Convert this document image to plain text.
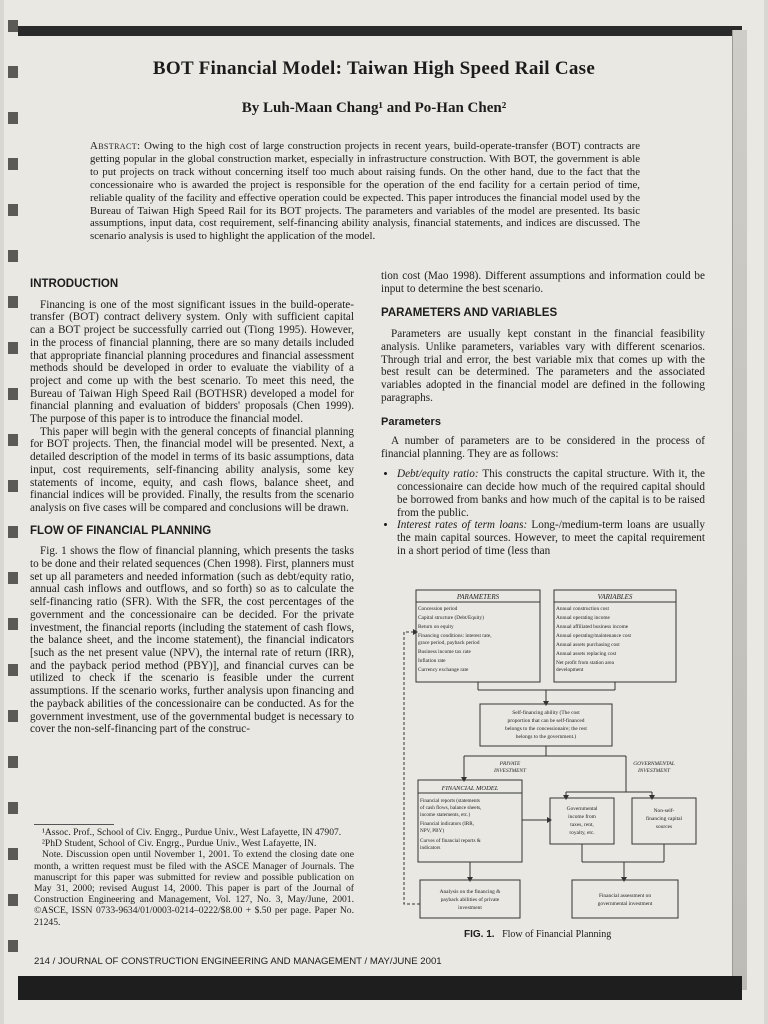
BOT Financial Model: Taiwan High Speed Rail Case
By Luh-Maan Chang¹ and Po-Han Chen²
Abstract: Owing to the high cost of large construction projects in recent years, build-operate-transfer (BOT) contracts are getting popular in the global construction market, especially in infrastructure construction. With BOT, the government is able to put projects on track without concerning itself too much about raising funds. On the other hand, due to the fact that the concessionaire who is awarded the project is responsible for the operation of the end facility for a certain period of time, reliable quality of the facility and effective operation could be expected. This paper introduces the financial model used by the Bureau of Taiwan High Speed Rail for its BOT projects. The parameters and variables of the model are presented. Its basic assumptions, input data, cost requirement, self-financing ability analysis, financial statements, and indices are discussed. The scenario analysis is used to highlight the application of the model.
INTRODUCTION

Financing is one of the most significant issues in the build-operate-transfer (BOT) contract delivery system. Only with sufficient capital can a BOT project be successfully carried out (Tiong 1995). However, in the process of financial planning, there are so many details included that appropriate financial planning procedures and financial assessment methods should be developed in order to evaluate the viability of a project and come up with the best scenario. To meet this need, the Bureau of Taiwan High Speed Rail (BOTHSR) developed a model for financial planning and evaluation of bidders' proposals (Chen 1999). The purpose of this paper is to introduce the financial model.

This paper will begin with the general concepts of financial planning for BOT projects. Then, the financial model will be presented. Next, a detailed description of the model in terms of its basic assumptions, data input, cost requirements, self-financing ability analysis, some key statements of income, equity, and cash flows, balance sheet, and financial indices will be provided. Finally, the results from the scenario analysis on five cases will be compared and conclusions will be drawn.

FLOW OF FINANCIAL PLANNING

Fig. 1 shows the flow of financial planning, which presents the tasks to be done and their related sequences (Chen 1998). First, planners must set up all parameters and needed information (such as debt/equity ratio, annual cash inflows and outflows, and so forth) so as to calculate the self-financing ratio (SFR). With the SFR, the cost percentages of the government and the concessionaire can be decided. For the private investment, the financial reports (including the statement of cash flows, the balance sheet, and the income statement), the financial indicators [such as the net present value (NPV), the internal rate of return (IRR), and the payback period method (PBY)], and financial curves can be utilized to check if the scenario is feasible under the current assumptions. If the scenario works, further analysis upon financing and the payback abilities of the concessionaire can be conducted. As for the government investment, use of the governmental budget is necessary to cover the non-self-financing part of the construc-

¹Assoc. Prof., School of Civ. Engrg., Purdue Univ., West Lafayette, IN 47907.

²PhD Student, School of Civ. Engrg., Purdue Univ., West Lafayette, IN.

Note. Discussion open until November 1, 2001. To extend the closing date one month, a written request must be filed with the ASCE Manager of Journals. The manuscript for this paper was submitted for review and possible publication on May 31, 2000; revised August 14, 2000. This paper is part of the Journal of Construction Engineering and Management, Vol. 127, No. 3, May/June, 2001. ©ASCE, ISSN 0733-9634/01/0003-0214–0222/$8.00 + $.50 per page. Paper No. 21245.

tion cost (Mao 1998). Different assumptions and information could be input to determine the best scenario.

PARAMETERS AND VARIABLES

Parameters are usually kept constant in the financial feasibility analysis. Unlike parameters, variables vary with different scenarios. Through trial and error, the best variable mix that comes up with the best result can be determined. The parameters and the associated variables adopted in the financial model are defined in the following paragraphs.

Parameters

A number of parameters are to be considered in the process of financial planning. They are as follows:

• Debt/equity ratio: This constructs the capital structure. With it, the concessionaire can decide how much of the required capital should be borrowed from banks and how much of the capital is to be raised from the public.
• Interest rates of term loans: Long-/medium-term loans are usually the main capital sources. However, to meet the capital requirement in a short period of time (less than
PARAMETERS
Concession period
Capital structure (Debt/Equity)
Return on equity
Financing conditions: interest rate,
grace period, payback period
Business income tax rate
Inflation rate
Currency exchange rate
VARIABLES
Annual construction cost
Annual operating income
Annual affiliated business income
Annual operating/maintenance cost
Annual assets purchasing cost
Annual assets replacing cost
Net profit from station area
development
Self-financing ability (The cost
proportion that can be self-financed
belongs to the concessionaire; the rest
belongs to the government.)
PRIVATE
INVESTMENT
GOVERNMENTAL
INVESTMENT
FINANCIAL MODEL
Financial reports (statements
of cash flows, balance sheets,
income statements, etc.)
Financial indicators (IRR,
NPV, PBY)
Curves of financial reports &
indicators
Governmental
income from
taxes, rent,
royalty, etc.
Non-self-
financing capital
sources
Analysis on the financing &
payback abilities of private
investment
Financial assessment on
governmental investment
FIG. 1. Flow of Financial Planning
214 / JOURNAL OF CONSTRUCTION ENGINEERING AND MANAGEMENT / MAY/JUNE 2001
